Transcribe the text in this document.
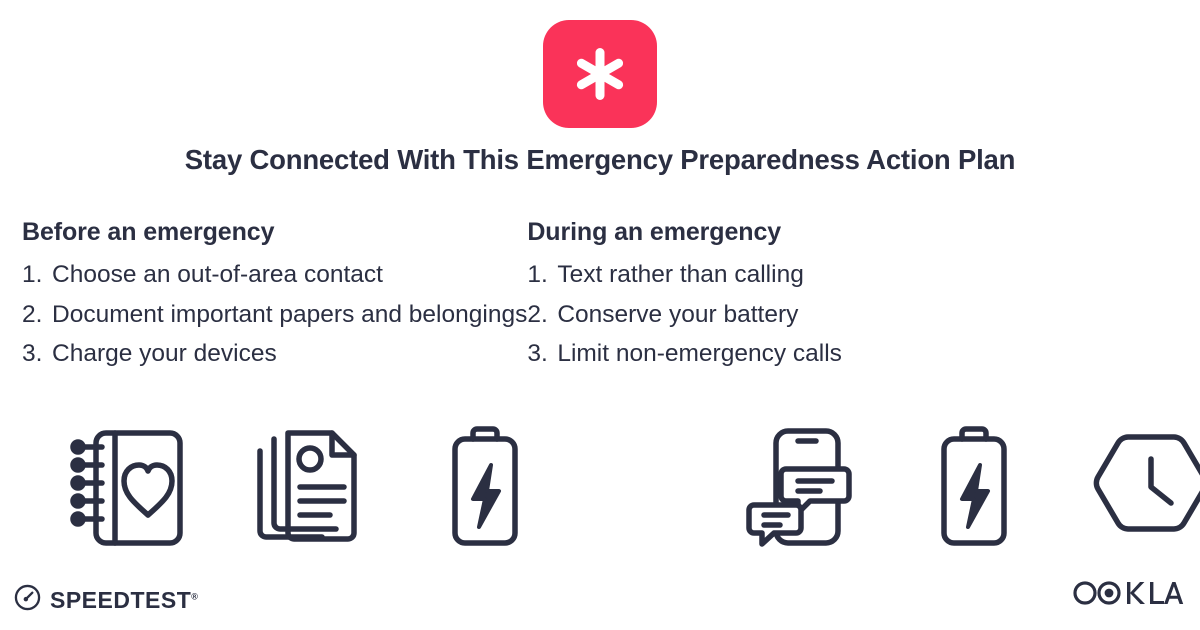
Stay Connected With This Emergency Preparedness Action Plan
Before an emergency
1. Choose an out-of-area contact
2. Document important papers and belongings
3. Charge your devices
During an emergency
1. Text rather than calling
2. Conserve your battery
3. Limit non-emergency calls
SPEEDTEST®
